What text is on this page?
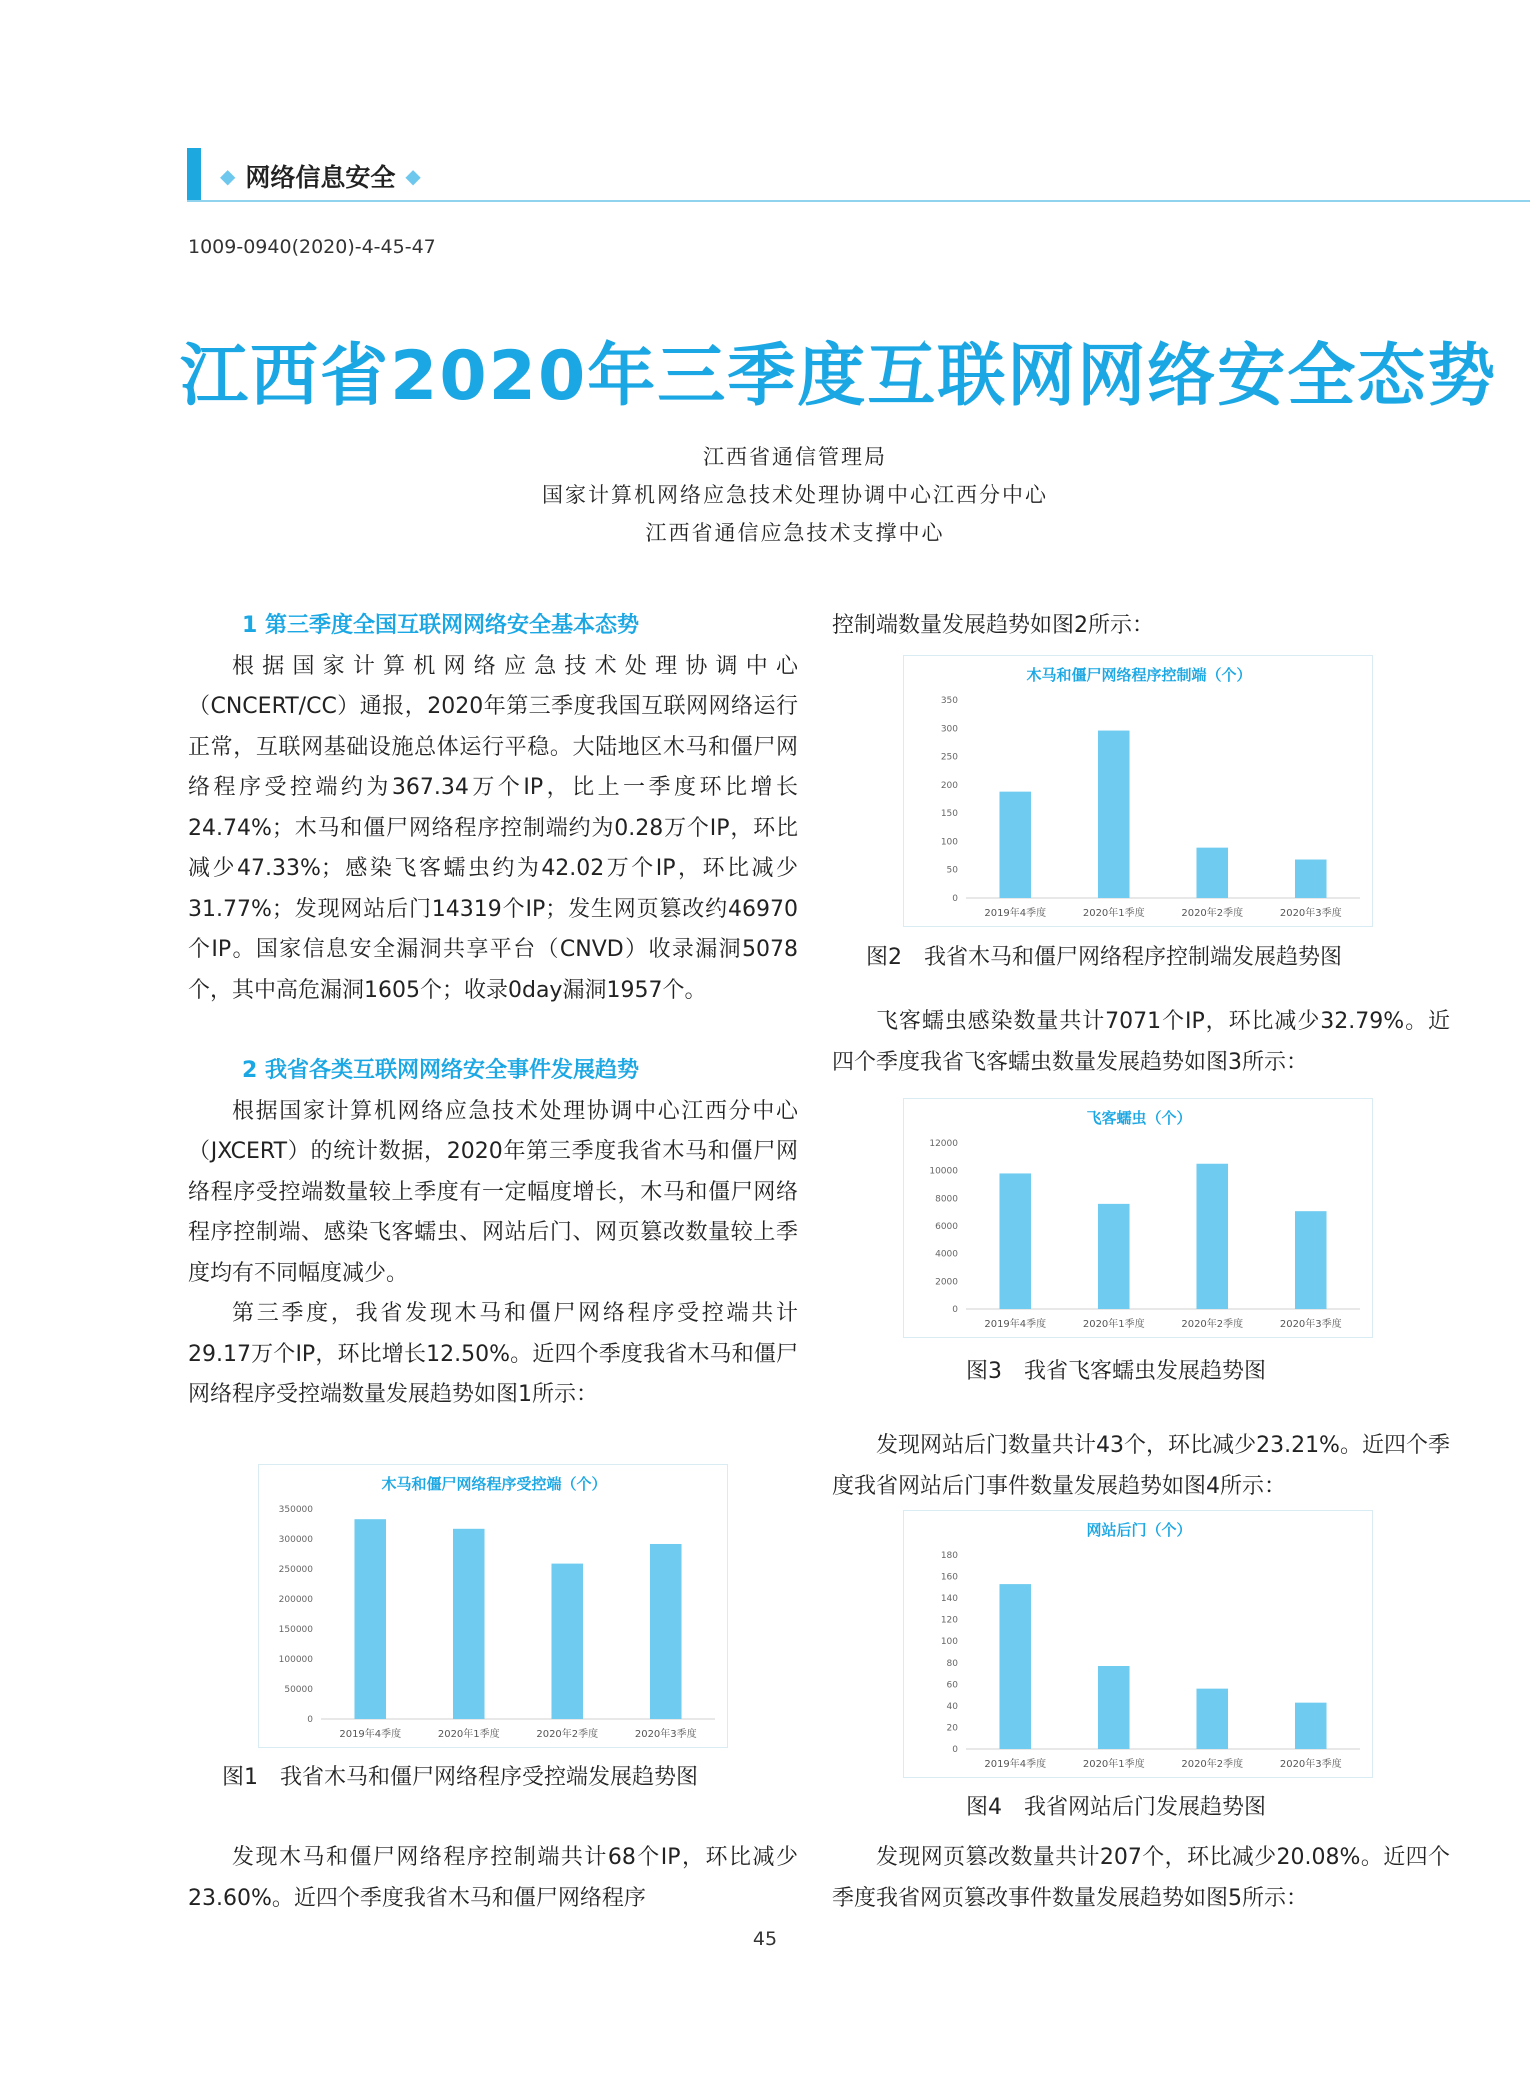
◆ 网络信息安全 ◆
1009-0940(2020)-4-45-47
江西省2020年三季度互联网网络安全态势
江西省通信管理局
国家计算机网络应急技术处理协调中心江西分中心
江西省通信应急技术支撑中心
1 第三季度全国互联网网络安全基本态势
根据国家计算机网络应急技术处理协调中心（CNCERT/CC）通报，2020年第三季度我国互联网网络运行正常，互联网基础设施总体运行平稳。大陆地区木马和僵尸网络程序受控端约为367.34万个IP，比上一季度环比增长24.74%；木马和僵尸网络程序控制端约为0.28万个IP，环比减少47.33%；感染飞客蠕虫约为42.02万个IP，环比减少31.77%；发现网站后门14319个IP；发生网页篡改约46970个IP。国家信息安全漏洞共享平台（CNVD）收录漏洞5078个，其中高危漏洞1605个；收录0day漏洞1957个。
2 我省各类互联网网络安全事件发展趋势
根据国家计算机网络应急技术处理协调中心江西分中心（JXCERT）的统计数据，2020年第三季度我省木马和僵尸网络程序受控端数量较上季度有一定幅度增长，木马和僵尸网络程序控制端、感染飞客蠕虫、网站后门、网页篡改数量较上季度均有不同幅度减少。
第三季度，我省发现木马和僵尸网络程序受控端共计29.17万个IP，环比增长12.50%。近四个季度我省木马和僵尸网络程序受控端数量发展趋势如图1所示：
木马和僵尸网络程序受控端（个）
0
50000
100000
150000
200000
250000
300000
350000
2019年4季度	2020年1季度	2020年2季度	2020年3季度
图1　我省木马和僵尸网络程序受控端发展趋势图
发现木马和僵尸网络程序控制端共计68个IP，环比减少23.60%。近四个季度我省木马和僵尸网络程序
控制端数量发展趋势如图2所示：
木马和僵尸网络程序控制端（个）
0
50
100
150
200
250
300
350
2019年4季度	2020年1季度	2020年2季度	2020年3季度
图2　我省木马和僵尸网络程序控制端发展趋势图
飞客蠕虫感染数量共计7071个IP，环比减少32.79%。近四个季度我省飞客蠕虫数量发展趋势如图3所示：
飞客蠕虫（个）
0
2000
4000
6000
8000
10000
12000
2019年4季度	2020年1季度	2020年2季度	2020年3季度
图3　我省飞客蠕虫发展趋势图
发现网站后门数量共计43个，环比减少23.21%。近四个季度我省网站后门事件数量发展趋势如图4所示：
网站后门（个）
0
20
40
60
80
100
120
140
160
180
2019年4季度	2020年1季度	2020年2季度	2020年3季度
图4　我省网站后门发展趋势图
发现网页篡改数量共计207个，环比减少20.08%。近四个季度我省网页篡改事件数量发展趋势如图5所示：
45
